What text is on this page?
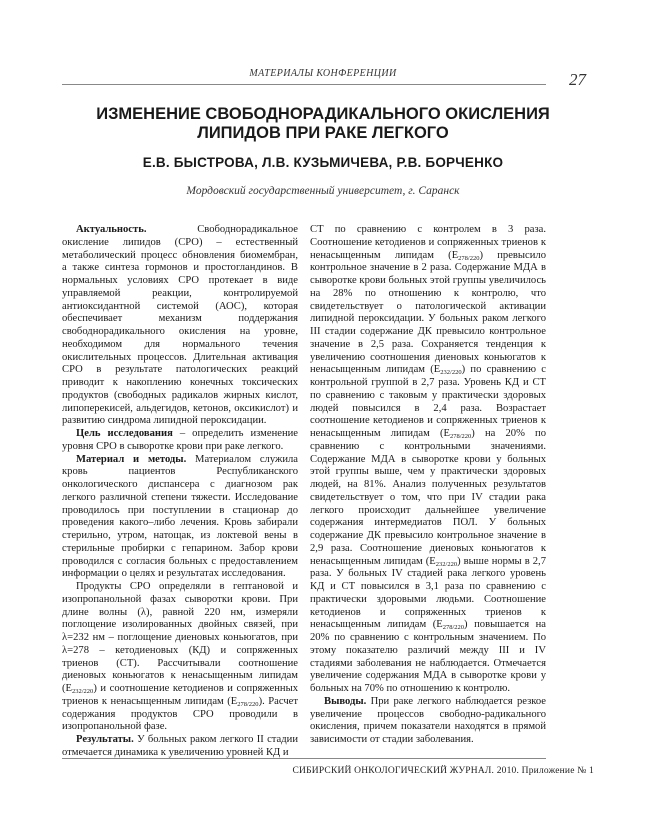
МАТЕРИАЛЫ КОНФЕРЕНЦИИ	27
ИЗМЕНЕНИЕ СВОБОДНОРАДИКАЛЬНОГО ОКИСЛЕНИЯ
ЛИПИДОВ ПРИ РАКЕ ЛЕГКОГО
Е.В. БЫСТРОВА, Л.В. КУЗЬМИЧЕВА, Р.В. БОРЧЕНКО
Мордовский государственный университет, г. Саранск

Актуальность.	Свободнорадикальное окисление липидов (СРО) – естественный метаболический процесс обновления биомембран, а также синтеза гормонов и простогландинов. В нормальных условиях СРО протекает в виде управляемой реакции, контролируемой антиоксидантной системой (АОС), которая обеспечивает механизм поддержания свободнорадикального окисления на уровне, необходимом для нормального течения окислительных процессов. Длительная активация СРО в результате патологических реакций приводит к накоплению конечных токсических продуктов (свободных радикалов жирных кислот, липоперекисей, альдегидов, кетонов, оксикислот) и развитию синдрома липидной пероксидации.

Цель исследования – определить изменение уровня СРО в сыворотке крови при раке легкого.

Материал и методы. Материалом служила кровь пациентов Республиканского онкологического диспансера с диагнозом рак легкого различной степени тяжести. Исследование проводилось при поступлении в стационар до проведения какого–либо лечения. Кровь забирали стерильно, утром, натощак, из локтевой вены в стерильные пробирки с гепарином. Забор крови проводился с согласия больных с предоставлением информации о целях и результатах исследования.

Продукты СРО определяли в гептановой и изопропанольной фазах сыворотки крови. При длине волны (λ), равной 220 нм, измеряли поглощение изолированных двойных связей, при λ=232 нм – поглощение диеновых коньюгатов, при λ=278 – кетодиеновых (КД) и сопряженных триенов (СТ). Рассчитывали соотношение диеновых коньюгатов к ненасыщенным липидам $(E_{232/220})$ и соотношение кетодиенов и сопряженных триенов к ненасыщенным липидам $(E_{278/220})$. Расчет содержания продуктов СРО проводили в изопропанольной фазе.

Результаты. У больных раком легкого II стадии отмечается динамика к увеличению уровней КД и

СТ по сравнению с контролем в 3 раза. Соотношение кетодиенов и сопряженных триенов к ненасыщенным липидам $(E_{278/220})$ превысило контрольное значение в 2 раза. Содержание МДА в сыворотке крови больных этой группы увеличилось на 28% по отношению к контролю, что свидетельствует о патологической активации липидной пероксидации. У больных раком легкого III стадии содержание ДК превысило контрольное значение в 2,5 раза. Сохраняется тенденция к увеличению соотношения диеновых коньюгатов к ненасыщенным липидам $(E_{232/220})$ по сравнению с контрольной группой в 2,7 раза. Уровень КД и СТ по сравнению с таковым у практически здоровых людей повысился в 2,4 раза. Возрастает соотношение кетодиенов и сопряженных триенов к ненасыщенным липидам $(E_{278/220})$ на 20% по сравнению с контрольными значениями. Содержание МДА в сыворотке крови у больных этой группы выше, чем у практически здоровых людей, на 81%. Анализ полученных результатов свидетельствует о том, что при IV стадии рака легкого происходит дальнейшее увеличение содержания интермедиатов ПОЛ. У больных содержание ДК превысило контрольное значение в 2,9 раза. Соотношение диеновых коньюгатов к ненасыщенным липидам $(E_{232/220})$ выше нормы в 2,7 раза. У больных IV стадией рака легкого уровень КД и СТ повысился в 3,1 раза по сравнению с практически здоровыми людьми. Соотношение кетодиенов и сопряженных триенов к ненасыщенным липидам $(E_{278/220})$ повышается на 20% по сравнению с контрольным значением. По этому показателю различий между III и IV стадиями заболевания не наблюдается. Отмечается увеличение содержания МДА в сыворотке крови у больных на 70% по отношению к контролю.

Выводы. При раке легкого наблюдается резкое увеличение процессов свободно-радикального окисления, причем показатели находятся в прямой зависимости от стадии заболевания.

СИБИРСКИЙ ОНКОЛОГИЧЕСКИЙ ЖУРНАЛ. 2010. Приложение № 1
